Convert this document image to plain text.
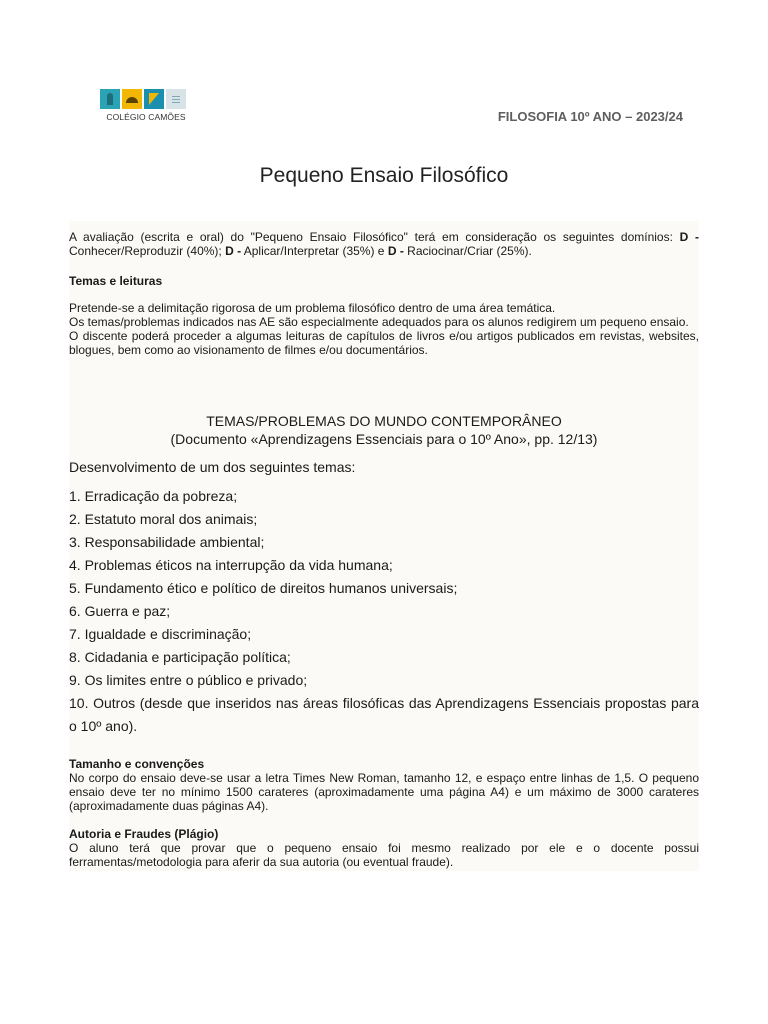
COLÉGIO CAMÕES	FILOSOFIA 10º ANO – 2023/24
Pequeno Ensaio Filosófico

A avaliação (escrita e oral) do "Pequeno Ensaio Filosófico" terá em consideração os seguintes domínios: D - Conhecer/Reproduzir (40%); D - Aplicar/Interpretar (35%) e D - Raciocinar/Criar (25%).

Temas e leituras

Pretende-se a delimitação rigorosa de um problema filosófico dentro de uma área temática.

Os temas/problemas indicados nas AE são especialmente adequados para os alunos redigirem um pequeno ensaio.

O discente poderá proceder a algumas leituras de capítulos de livros e/ou artigos publicados em revistas, websites, blogues, bem como ao visionamento de filmes e/ou documentários.

TEMAS/PROBLEMAS DO MUNDO CONTEMPORÂNEO

(Documento «Aprendizagens Essenciais para o 10º Ano», pp. 12/13)

Desenvolvimento de um dos seguintes temas:

1. Erradicação da pobreza;
2. Estatuto moral dos animais;
3. Responsabilidade ambiental;
4. Problemas éticos na interrupção da vida humana;
5. Fundamento ético e político de direitos humanos universais;
6. Guerra e paz;
7. Igualdade e discriminação;
8. Cidadania e participação política;
9. Os limites entre o público e privado;

10. Outros (desde que inseridos nas áreas filosóficas das Aprendizagens Essenciais propostas para o 10º ano).

Tamanho e convenções

No corpo do ensaio deve-se usar a letra Times New Roman, tamanho 12, e espaço entre linhas de 1,5. O pequeno ensaio deve ter no mínimo 1500 carateres (aproximadamente uma página A4) e um máximo de 3000 carateres (aproximadamente duas páginas A4).

Autoria e Fraudes (Plágio)

O aluno terá que provar que o pequeno ensaio foi mesmo realizado por ele e o docente possui ferramentas/metodologia para aferir da sua autoria (ou eventual fraude).
